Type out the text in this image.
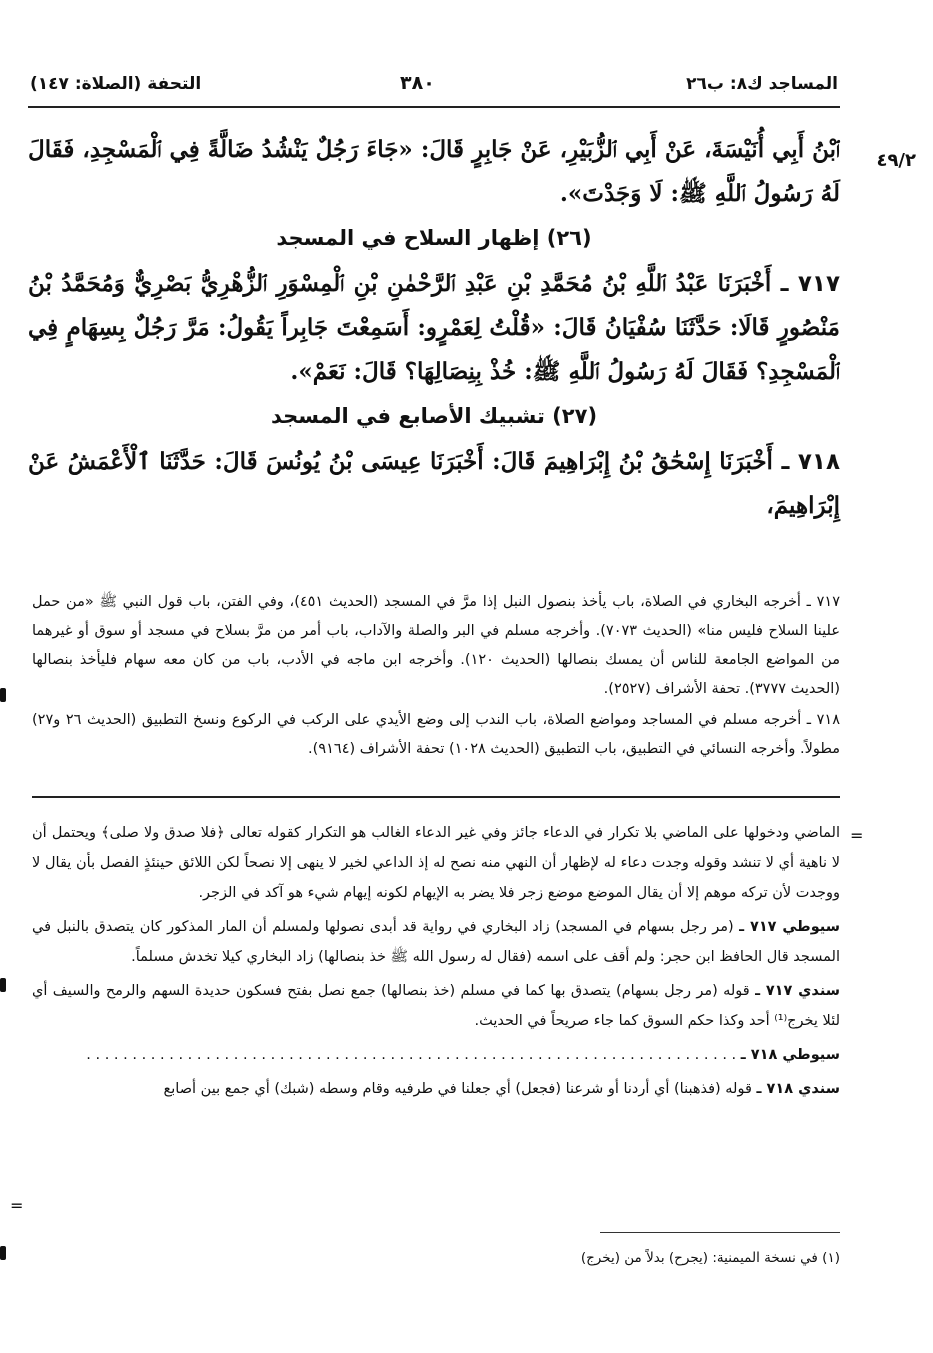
التحفة (الصلاة: ١٤٧)	٣٨٠	المساجد ك٨: ب٢٦
٤٩/٢

ٱبْنُ أَبِي أُنَيْسَةَ، عَنْ أَبِي ٱلزُّبَيْرِ، عَنْ جَابِرٍ قَالَ: «جَاءَ رَجُلٌ يَنْشُدُ ضَالَّةً فِي ٱلْمَسْجِدِ، فَقَالَ لَهُ رَسُولُ ٱللَّهِ ﷺ: لَا وَجَدْتَ».

(٢٦) إظهار السلاح في المسجد

٧١٧ ـ أَخْبَرَنَا عَبْدُ ٱللَّهِ بْنُ مُحَمَّدِ بْنِ عَبْدِ ٱلرَّحْمٰنِ بْنِ ٱلْمِسْوَرِ ٱلزُّهْرِيُّ بَصْرِيٌّ وَمُحَمَّدُ بْنُ مَنْصُورٍ قَالَا: حَدَّثَنَا سُفْيَانُ قَالَ: «قُلْتُ لِعَمْرٍو: أَسَمِعْتَ جَابِراً يَقُولُ: مَرَّ رَجُلٌ بِسِهَامٍ فِي ٱلْمَسْجِدِ؟ فَقَالَ لَهُ رَسُولُ ٱللَّهِ ﷺ: خُذْ بِنِصَالِهَا؟ قَالَ: نَعَمْ».

(٢٧) تشبيك الأصابع في المسجد

٧١٨ ـ أَخْبَرَنَا إِسْحَٰقُ بْنُ إِبْرَاهِيمَ قَالَ: أَخْبَرَنَا عِيسَى بْنُ يُونُسَ قَالَ: حَدَّثَنَا ٱلْأَعْمَشُ عَنْ إِبْرَاهِيمَ،

٧١٧ ـ أخرجه البخاري في الصلاة، باب يأخذ بنصول النبل إذا مرَّ في المسجد (الحديث ٤٥١)، وفي الفتن، باب قول النبي ﷺ «من حمل علينا السلاح فليس منا» (الحديث ٧٠٧٣). وأخرجه مسلم في البر والصلة والآداب، باب أمر من مرَّ بسلاح في مسجد أو سوق أو غيرهما من المواضع الجامعة للناس أن يمسك بنصالها (الحديث ١٢٠). وأخرجه ابن ماجه في الأدب، باب من كان معه سهام فليأخذ بنصالها (الحديث ٣٧٧٧). تحفة الأشراف (٢٥٢٧).

٧١٨ ـ أخرجه مسلم في المساجد ومواضع الصلاة، باب الندب إلى وضع الأيدي على الركب في الركوع ونسخ التطبيق (الحديث ٢٦ و٢٧) مطولاً. وأخرجه النسائي في التطبيق، باب التطبيق (الحديث ١٠٢٨) تحفة الأشراف (٩١٦٤).

=
=

الماضي ودخولها على الماضي بلا تكرار في الدعاء جائز وفي غير الدعاء الغالب هو التكرار كقوله تعالى ﴿فلا صدق ولا صلى﴾ ويحتمل أن لا ناهية أي لا تنشد وقوله وجدت دعاء له لإظهار أن النهي منه نصح له إذ الداعي لخير لا ينهى إلا نصحاً لكن اللائق حينئذٍ الفصل بأن يقال لا ووجدت لأن تركه موهم إلا أن يقال الموضع موضع زجر فلا يضر به الإيهام لكونه إيهام شيء هو آكد في الزجر.

سيوطي ٧١٧ ـ (مر رجل بسهام في المسجد) زاد البخاري في رواية قد أبدى نصولها ولمسلم أن المار المذكور كان يتصدق بالنبل في المسجد قال الحافظ ابن حجر: ولم أقف على اسمه (فقال له رسول الله ﷺ خذ بنصالها) زاد البخاري كيلا تخدش مسلماً.

سندي ٧١٧ ـ قوله (مر رجل بسهام) يتصدق بها كما في مسلم (خذ بنصالها) جمع نصل بفتح فسكون حديدة السهم والرمح والسيف أي لئلا يخرج⁽¹⁾ أحد وكذا حكم السوق كما جاء صريحاً في الحديث.

سيوطي ٧١٨ ـ . . . . . . . . . . . . . . . . . . . . . . . . . . . . . . . . . . . . . . . . . . . . . . . . . . . . . . . . . . . . . . . . . . . . . . .

سندي ٧١٨ ـ قوله (فذهبنا) أي أردنا أو شرعنا (فجعل) أي جعلنا في طرفيه وقام وسطه (شبك) أي جمع بين أصابع

(١) في نسخة الميمنية: (يجرح) بدلاً من (يخرج)
